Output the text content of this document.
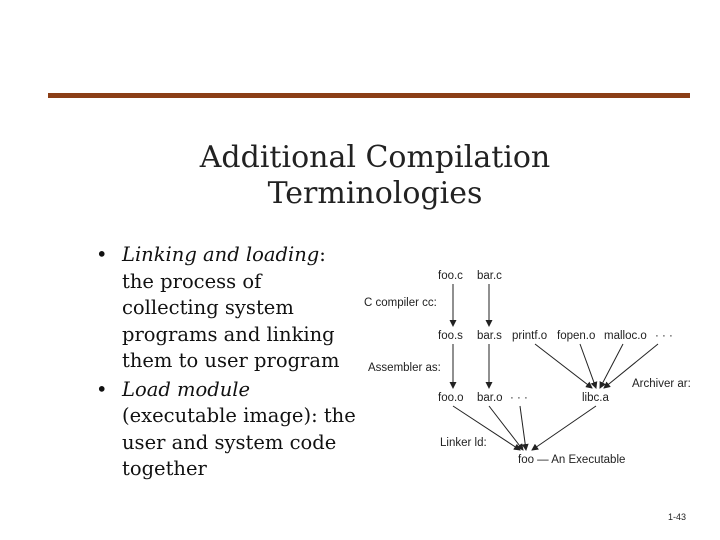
Additional Compilation
Terminologies
• Linking and loading: the process of collecting system programs and linking them to user program
• Load module (executable image): the user and system code together
foo.c bar.c
C compiler cc:
foo.s bar.s printf.o fopen.o malloc.o · · ·
Assembler as:
Archiver ar:
foo.o bar.o · · ·	libc.a
Linker ld:
foo — An Executable
1-43
